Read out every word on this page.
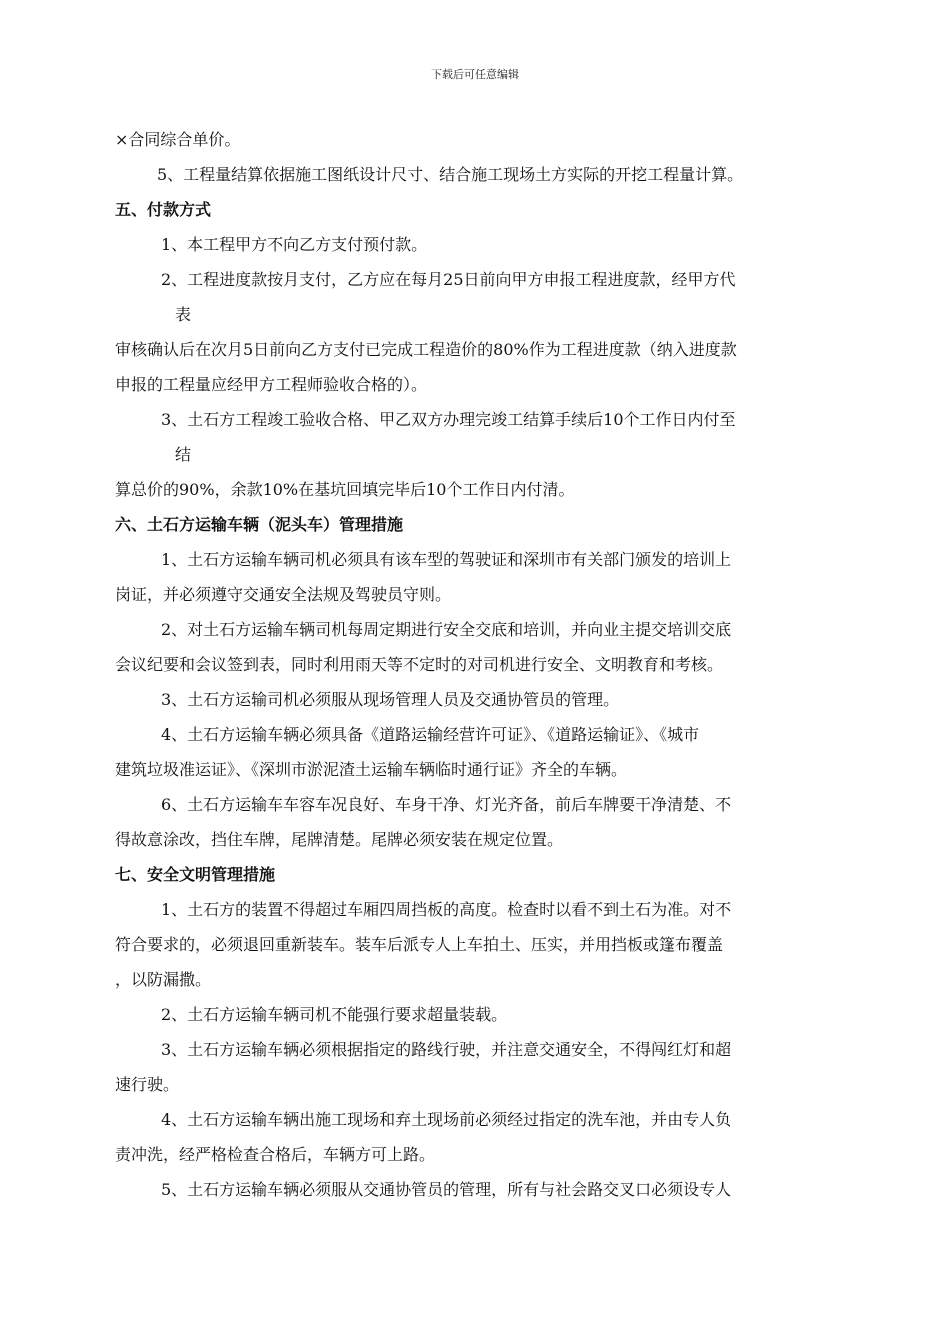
下载后可任意编辑

×合同综合单价。

5、工程量结算依据施工图纸设计尺寸、结合施工现场土方实际的开挖工程量计算。

五、付款方式

1、本工程甲方不向乙方支付预付款。

2、工程进度款按月支付，乙方应在每月25日前向甲方申报工程进度款，经甲方代

表

审核确认后在次月5日前向乙方支付已完成工程造价的80%作为工程进度款（纳入进度款

申报的工程量应经甲方工程师验收合格的）。

3、土石方工程竣工验收合格、甲乙双方办理完竣工结算手续后10个工作日内付至

结

算总价的90%，余款10%在基坑回填完毕后10个工作日内付清。

六、土石方运输车辆（泥头车）管理措施

1、土石方运输车辆司机必须具有该车型的驾驶证和深圳市有关部门颁发的培训上

岗证，并必须遵守交通安全法规及驾驶员守则。

2、对土石方运输车辆司机每周定期进行安全交底和培训，并向业主提交培训交底

会议纪要和会议签到表，同时利用雨天等不定时的对司机进行安全、文明教育和考核。

3、土石方运输司机必须服从现场管理人员及交通协管员的管理。

4、土石方运输车辆必须具备《道路运输经营许可证》、《道路运输证》、《城市

建筑垃圾准运证》、《深圳市淤泥渣土运输车辆临时通行证》齐全的车辆。

6、土石方运输车车容车况良好、车身干净、灯光齐备，前后车牌要干净清楚、不

得故意涂改，挡住车牌，尾牌清楚。尾牌必须安装在规定位置。

七、安全文明管理措施

1、土石方的装置不得超过车厢四周挡板的高度。检查时以看不到土石为准。对不

符合要求的，必须退回重新装车。装车后派专人上车拍土、压实，并用挡板或篷布覆盖

，以防漏撒。

2、土石方运输车辆司机不能强行要求超量装载。

3、土石方运输车辆必须根据指定的路线行驶，并注意交通安全，不得闯红灯和超

速行驶。

4、土石方运输车辆出施工现场和弃土现场前必须经过指定的洗车池，并由专人负

责冲洗，经严格检查合格后，车辆方可上路。

5、土石方运输车辆必须服从交通协管员的管理，所有与社会路交叉口必须设专人
